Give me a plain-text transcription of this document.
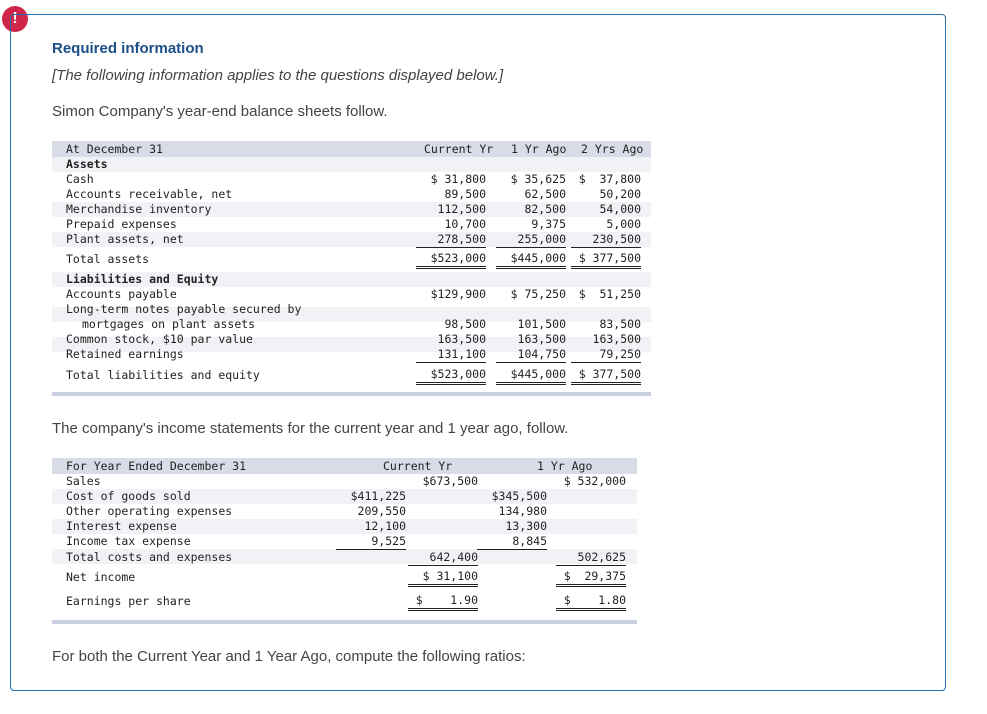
!
Required information
[The following information applies to the questions displayed below.]
Simon Company's year-end balance sheets follow.
At December 31	Current Yr 1 Yr Ago 2 Yrs Ago
Assets
Cash	$ 31,800	$ 35,625	$  37,800
Accounts receivable, net	89,500	62,500	50,200
Merchandise inventory	112,500	82,500	54,000
Prepaid expenses	10,700	9,375	5,000
Plant assets, net	278,500	255,000	230,500
Total assets	$523,000	$445,000	$ 377,500
Liabilities and Equity
Accounts payable	$129,900	$ 75,250	$  51,250
Long-term notes payable secured by
mortgages on plant assets	98,500	101,500	83,500
Common stock, $10 par value	163,500	163,500	163,500
Retained earnings	131,100	104,750	79,250
Total liabilities and equity	$523,000	$445,000	$ 377,500
The company's income statements for the current year and 1 year ago, follow.
For Year Ended December 31	Current Yr	1 Yr Ago
Sales	$673,500	$ 532,000
Cost of goods sold	$411,225	$345,500
Other operating expenses	209,550	134,980
Interest expense	12,100	13,300
Income tax expense	9,525	8,845
Total costs and expenses	642,400	502,625
Net income	$ 31,100	$  29,375
Earnings per share	$    1.90	$    1.80
For both the Current Year and 1 Year Ago, compute the following ratios:
